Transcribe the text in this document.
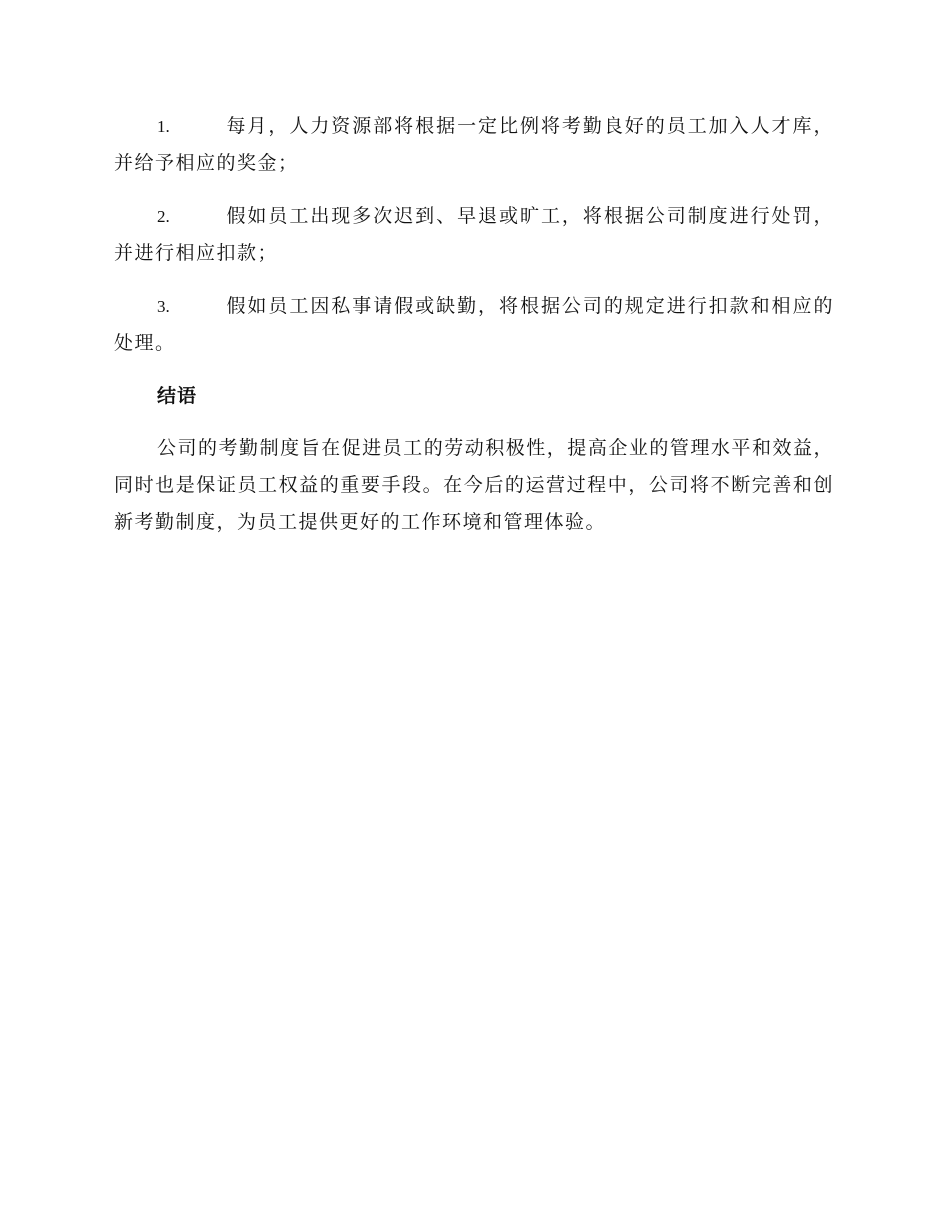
1.	每月，人力资源部将根据一定比例将考勤良好的员工加入人才库，并给予相应的奖金；
2.	假如员工出现多次迟到、早退或旷工，将根据公司制度进行处罚，并进行相应扣款；
3.	假如员工因私事请假或缺勤，将根据公司的规定进行扣款和相应的处理。
结语
公司的考勤制度旨在促进员工的劳动积极性，提高企业的管理水平和效益，同时也是保证员工权益的重要手段。在今后的运营过程中，公司将不断完善和创新考勤制度，为员工提供更好的工作环境和管理体验。
